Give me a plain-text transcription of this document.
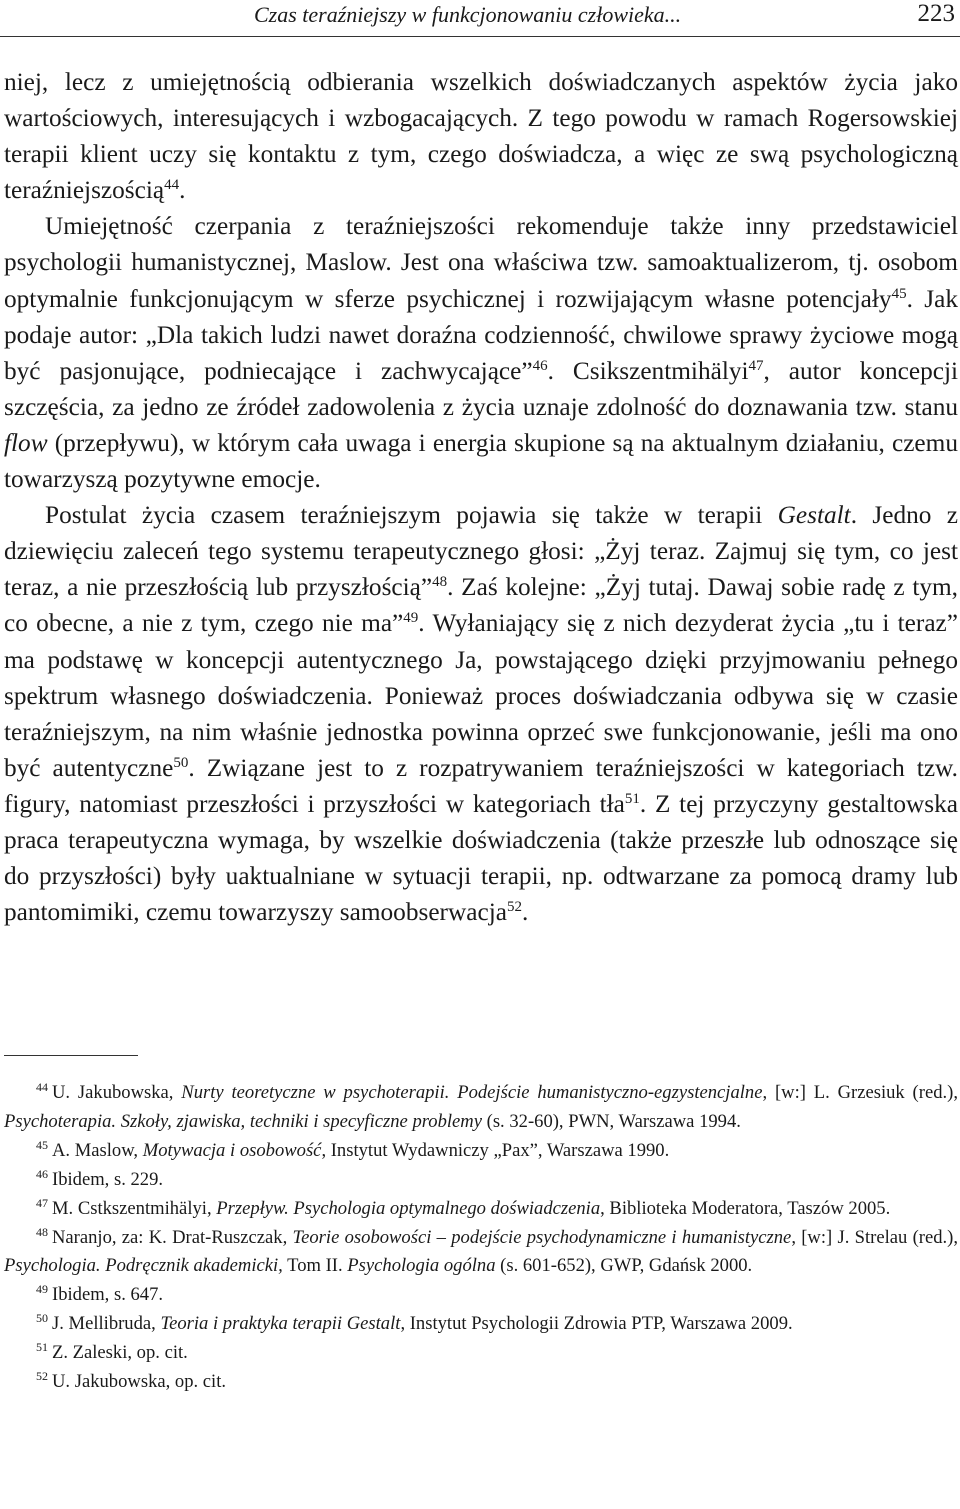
Czas teraźniejszy w funkcjonowaniu człowieka...	223

niej, lecz z umiejętnością odbierania wszelkich doświadczanych aspektów życia jako wartościowych, interesujących i wzbogacających. Z tego powodu w ramach Rogersowskiej terapii klient uczy się kontaktu z tym, czego doświadcza, a więc ze swą psychologiczną teraźniejszością$^{44}$.

Umiejętność czerpania z teraźniejszości rekomenduje także inny przedstawiciel psychologii humanistycznej, Maslow. Jest ona właściwa tzw. samoaktualizerom, tj. osobom optymalnie funkcjonującym w sferze psychicznej i rozwijającym własne potencjały$^{45}$. Jak podaje autor: „Dla takich ludzi nawet doraźna codzienność, chwilowe sprawy życiowe mogą być pasjonujące, podniecające i zachwycające”$^{46}$. Csikszentmihälyi$^{47}$, autor koncepcji szczęścia, za jedno ze źródeł zadowolenia z życia uznaje zdolność do doznawania tzw. stanu flow (przepływu), w którym cała uwaga i energia skupione są na aktualnym działaniu, czemu towarzyszą pozytywne emocje.

Postulat życia czasem teraźniejszym pojawia się także w terapii Gestalt. Jedno z dziewięciu zaleceń tego systemu terapeutycznego głosi: „Żyj teraz. Zajmuj się tym, co jest teraz, a nie przeszłością lub przyszłością”$^{48}$. Zaś kolejne: „Żyj tutaj. Dawaj sobie radę z tym, co obecne, a nie z tym, czego nie ma”$^{49}$. Wyłaniający się z nich dezyderat życia „tu i teraz” ma podstawę w koncepcji autentycznego Ja, powstającego dzięki przyjmowaniu pełnego spektrum własnego doświadczenia. Ponieważ proces doświadczania odbywa się w czasie teraźniejszym, na nim właśnie jednostka powinna oprzeć swe funkcjonowanie, jeśli ma ono być autentyczne$^{50}$. Związane jest to z rozpatrywaniem teraźniejszości w kategoriach tzw. figury, natomiast przeszłości i przyszłości w kategoriach tła$^{51}$. Z tej przyczyny gestaltowska praca terapeutyczna wymaga, by wszelkie doświadczenia (także przeszłe lub odnoszące się do przyszłości) były uaktualniane w sytuacji terapii, np. odtwarzane za pomocą dramy lub pantomimiki, czemu towarzyszy samoobserwacja$^{52}$.

$^{44}$ U. Jakubowska, Nurty teoretyczne w psychoterapii. Podejście humanistyczno-egzystencjalne, [w:] L. Grzesiuk (red.), Psychoterapia. Szkoły, zjawiska, techniki i specyficzne problemy (s. 32-60), PWN, Warszawa 1994.

$^{45}$ A. Maslow, Motywacja i osobowość, Instytut Wydawniczy „Pax”, Warszawa 1990.

$^{46}$ Ibidem, s. 229.

$^{47}$ M. Cstkszentmihälyi, Przepływ. Psychologia optymalnego doświadczenia, Biblioteka Moderatora, Taszów 2005.

$^{48}$ Naranjo, za: K. Drat-Ruszczak, Teorie osobowości – podejście psychodynamiczne i humanistyczne, [w:] J. Strelau (red.), Psychologia. Podręcznik akademicki, Tom II. Psychologia ogólna (s. 601-652), GWP, Gdańsk 2000.

$^{49}$ Ibidem, s. 647.

$^{50}$ J. Mellibruda, Teoria i praktyka terapii Gestalt, Instytut Psychologii Zdrowia PTP, Warszawa 2009.

$^{51}$ Z. Zaleski, op. cit.

$^{52}$ U. Jakubowska, op. cit.
